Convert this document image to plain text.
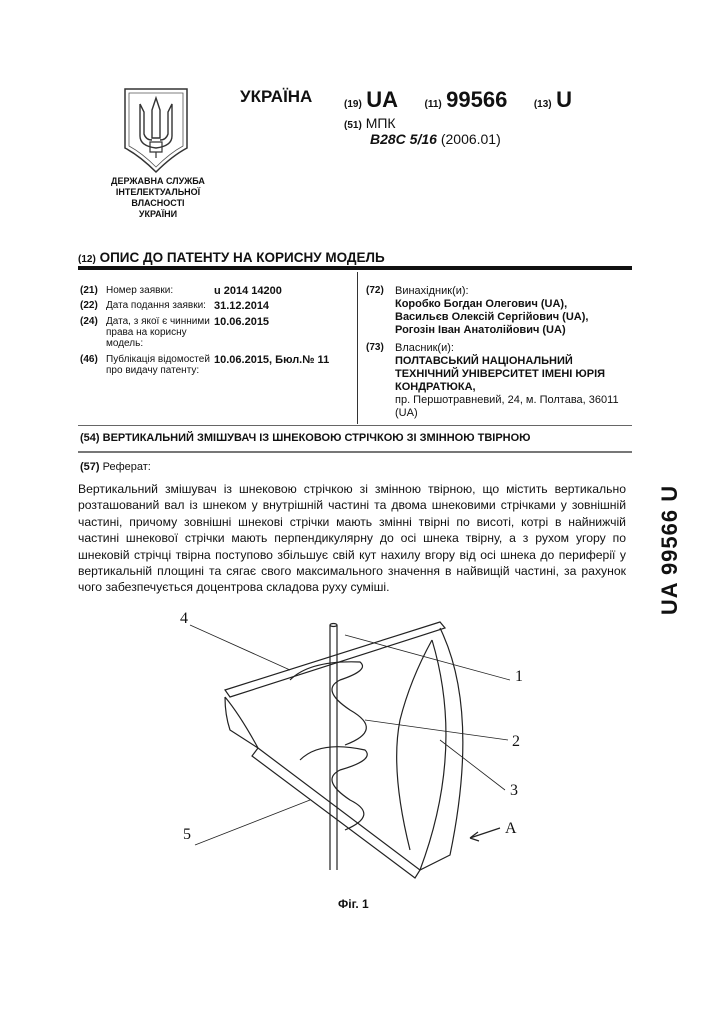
ДЕРЖАВНА СЛУЖБА
ІНТЕЛЕКТУАЛЬНОЇ
ВЛАСНОСТІ
УКРАЇНИ
УКРАЇНА	(19) UA	(11) 99566	(13) U
(51) МПК
B28C 5/16 (2006.01)
(12) ОПИС ДО ПАТЕНТУ НА КОРИСНУ МОДЕЛЬ
(21) Номер заявки:	u 2014 14200
(22) Дата подання заявки: 31.12.2014
(24) Дата, з якої є чинними права на корисну модель:
10.06.2015
(46) Публікація відомостей про видачу патенту:
10.06.2015, Бюл.№ 11
(72)	Винахідник(и):
Коробко Богдан Олегович (UA),
Васильєв Олексій Сергійович (UA),
Рогозін Іван Анатолійович (UA)
(73)	Власник(и):
ПОЛТАВСЬКИЙ НАЦІОНАЛЬНИЙ ТЕХНІЧНИЙ УНІВЕРСИТЕТ ІМЕНІ ЮРІЯ КОНДРАТЮКА,
пр. Першотравневий, 24, м. Полтава, 36011 (UA)
(54) ВЕРТИКАЛЬНИЙ ЗМІШУВАЧ ІЗ ШНЕКОВОЮ СТРІЧКОЮ ЗІ ЗМІННОЮ ТВІРНОЮ
(57) Реферат:
Вертикальний змішувач із шнековою стрічкою зі змінною твірною, що містить вертикально розташований вал із шнеком у внутрішній частині та двома шнековими стрічками у зовнішній частині, причому зовнішні шнекові стрічки мають змінні твірні по висоті, котрі в найнижчій частині шнекової стрічки мають перпендикулярну до осі шнека твірну, а з рухом угору по шнековій стрічці твірна поступово збільшує свій кут нахилу вгору від осі шнека до периферії у вертикальній площині та сягає свого максимального значення в найвищій частині, за рахунок чого забезпечується доцентрова складова руху суміші.	UA 99566 U
1
2
3
4
5	A
Фіг. 1
